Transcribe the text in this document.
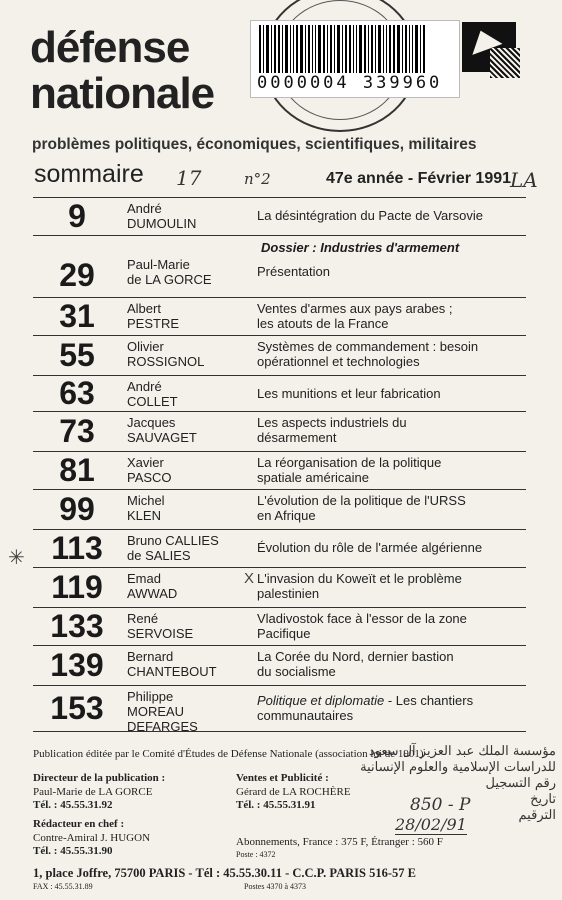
défense
nationale	0000004 339960
problèmes politiques, économiques, scientifiques, militaires
sommaire 17	n°2	47e année - Février 1991
LA
Dossier : Industries d'armement
9	André
DUMOULIN
La désintégration du Pacte de Varsovie
29	Paul-Marie
de LA GORCE
Présentation
31	Albert
PESTRE
Ventes d'armes aux pays arabes ;
les atouts de la France
55	Olivier
ROSSIGNOL
Systèmes de commandement : besoin
opérationnel et technologies
63	André
COLLET
Les munitions et leur fabrication
73	Jacques
SAUVAGET
Les aspects industriels du
désarmement
81	Xavier
PASCO
La réorganisation de la politique
spatiale américaine
99	Michel
KLEN
L'évolution de la politique de l'URSS
en Afrique
113	Bruno CALLIES
de SALIES
Évolution du rôle de l'armée algérienne
119	Emad
AWWAD
L'invasion du Koweït et le problème
palestinien
133	René
SERVOISE
Vladivostok face à l'essor de la zone
Pacifique
139	Bernard
CHANTEBOUT
La Corée du Nord, dernier bastion
du socialisme
153	Philippe
MOREAU
DEFARGES
Politique et diplomatie - Les chantiers
communautaires
✳
X
Publication éditée par le Comité d'Études de Défense Nationale (association loi de 1901)
Directeur de la publication :
Paul-Marie de LA GORCE
Tél. : 45.55.31.92
Ventes et Publicité :
Gérard de LA ROCHÈRE
Tél. : 45.55.31.91
Rédacteur en chef :
Contre-Amiral J. HUGON
Tél. : 45.55.31.90
Abonnements, France : 375 F, Étranger : 560 F
Poste : 4372
1, place Joffre, 75700 PARIS - Tél : 45.55.30.11 - C.C.P. PARIS 516-57 E
FAX : 45.55.31.89	Postes 4370 à 4373
مؤسسة الملك عبد العزيز آل سعود
للدراسات الإسلامية والعلوم الإنسانية
رقم التسجيل
تاريخ
الترقيم
850 - P
28/02/91
